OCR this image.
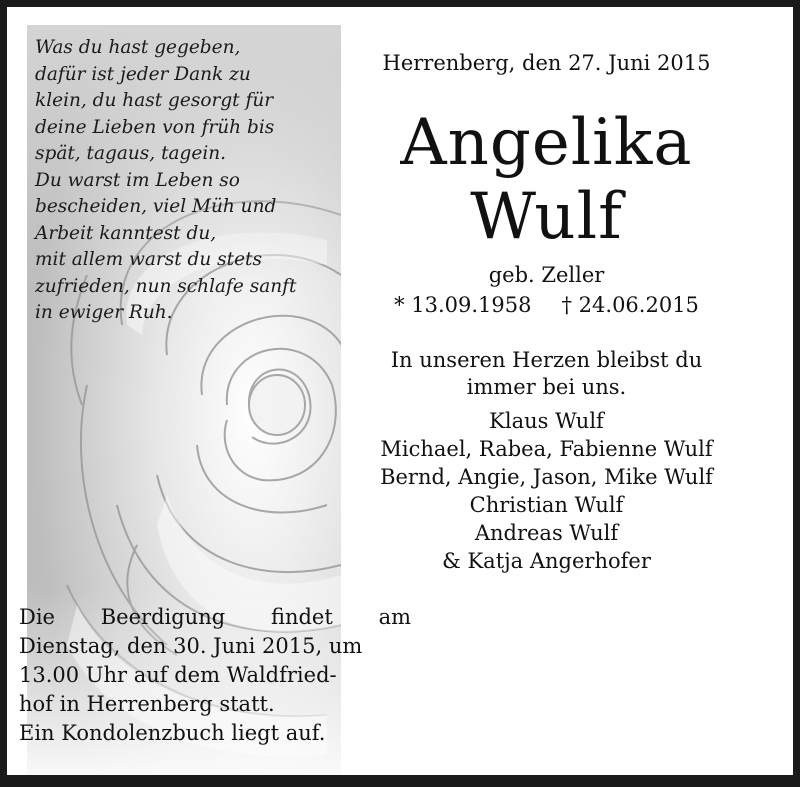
Was du hast gegeben,
dafür ist jeder Dank zu
klein, du hast gesorgt für
deine Lieben von früh bis
spät, tagaus, tagein.
Du warst im Leben so
bescheiden, viel Müh und
Arbeit kanntest du,
mit allem warst du stets
zufrieden, nun schlafe sanft
in ewiger Ruh.

Herrenberg, den 27. Juni 2015
Angelika
Wulf
geb. Zeller
* 13.09.1958 † 24.06.2015
In unseren Herzen bleibst du
immer bei uns.
Klaus Wulf
Michael, Rabea, Fabienne Wulf
Bernd, Angie, Jason, Mike Wulf
Christian Wulf
Andreas Wulf
& Katja Angerhofer
Die Beerdigung findet am
Dienstag, den 30. Juni 2015, um
13.00 Uhr auf dem Waldfried-
hof in Herrenberg statt.
Ein Kondolenzbuch liegt auf.
